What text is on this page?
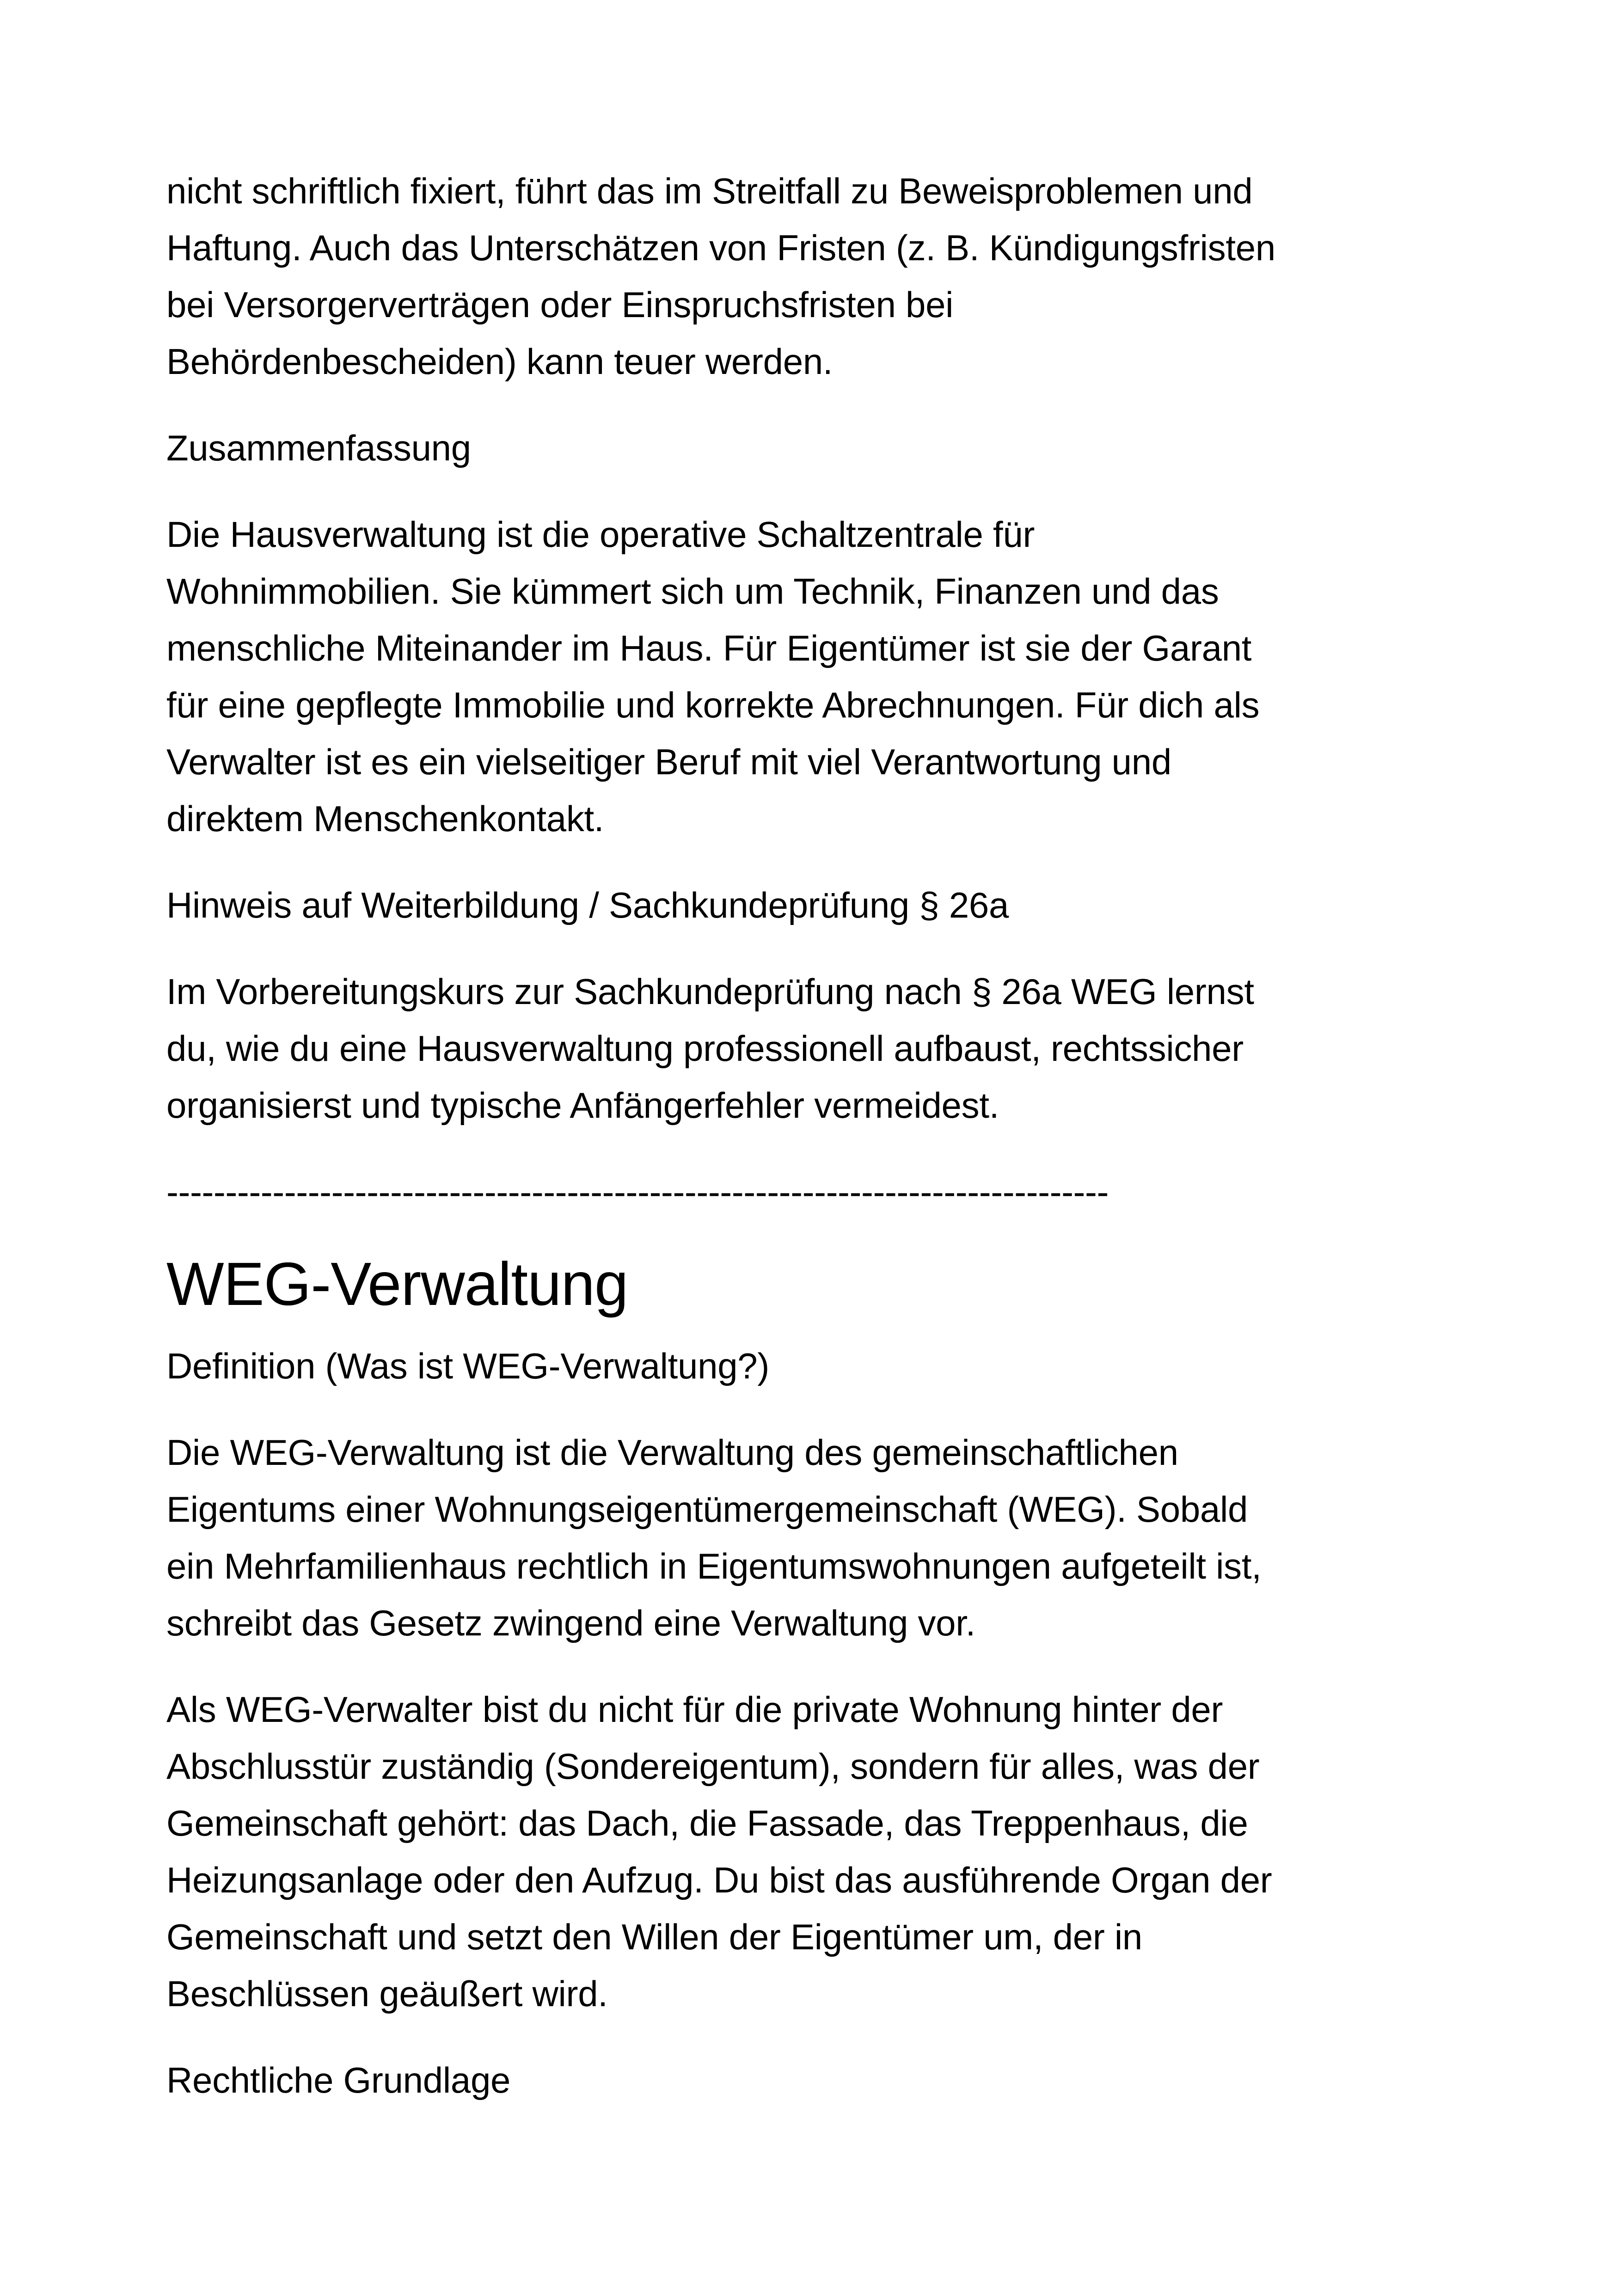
nicht schriftlich fixiert, führt das im Streitfall zu Beweisproblemen und
Haftung. Auch das Unterschätzen von Fristen (z. B. Kündigungsfristen
bei Versorgerverträgen oder Einspruchsfristen bei
Behördenbescheiden) kann teuer werden.

Zusammenfassung

Die Hausverwaltung ist die operative Schaltzentrale für
Wohnimmobilien. Sie kümmert sich um Technik, Finanzen und das
menschliche Miteinander im Haus. Für Eigentümer ist sie der Garant
für eine gepflegte Immobilie und korrekte Abrechnungen. Für dich als
Verwalter ist es ein vielseitiger Beruf mit viel Verantwortung und
direktem Menschenkontakt.

Hinweis auf Weiterbildung / Sachkundeprüfung § 26a

Im Vorbereitungskurs zur Sachkundeprüfung nach § 26a WEG lernst
du, wie du eine Hausverwaltung professionell aufbaust, rechtssicher
organisierst und typische Anfängerfehler vermeidest.

--------------------------------------------------------------------------------

WEG-Verwaltung

Definition (Was ist WEG-Verwaltung?)

Die WEG-Verwaltung ist die Verwaltung des gemeinschaftlichen
Eigentums einer Wohnungseigentümergemeinschaft (WEG). Sobald
ein Mehrfamilienhaus rechtlich in Eigentumswohnungen aufgeteilt ist,
schreibt das Gesetz zwingend eine Verwaltung vor.

Als WEG-Verwalter bist du nicht für die private Wohnung hinter der
Abschlusstür zuständig (Sondereigentum), sondern für alles, was der
Gemeinschaft gehört: das Dach, die Fassade, das Treppenhaus, die
Heizungsanlage oder den Aufzug. Du bist das ausführende Organ der
Gemeinschaft und setzt den Willen der Eigentümer um, der in
Beschlüssen geäußert wird.

Rechtliche Grundlage
